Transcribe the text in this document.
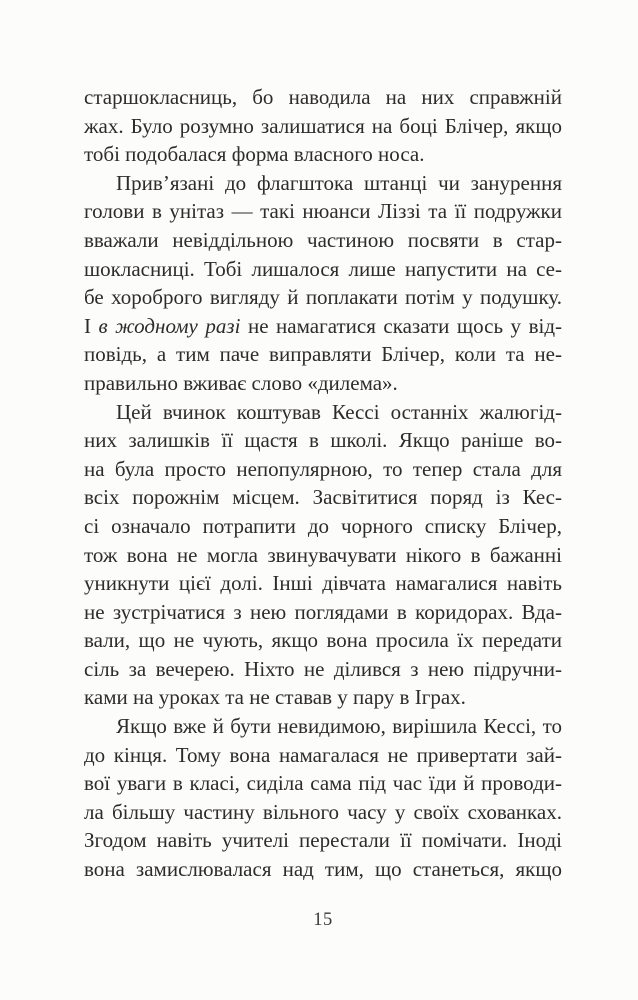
старшокласниць, бо наводила на них справжній
жах. Було розумно залишатися на боці Блічер, якщо
тобі подобалася форма власного носа.
Прив’язані до флагштока штанці чи занурення
голови в унітаз — такі нюанси Ліззі та її подружки
вважали невіддільною частиною посвяти в стар-
шокласниці. Тобі лишалося лише напустити на се-
бе хороброго вигляду й поплакати потім у подушку.
І в жодному разі не намагатися сказати щось у від-
повідь, а тим паче виправляти Блічер, коли та не-
правильно вживає слово «дилема».
Цей вчинок коштував Кессі останніх жалюгід-
них залишків її щастя в школі. Якщо раніше во-
на була просто непопулярною, то тепер стала для
всіх порожнім місцем. Засвітитися поряд із Кес-
сі означало потрапити до чорного списку Блічер,
тож вона не могла звинувачувати нікого в бажанні
уникнути цієї долі. Інші дівчата намагалися навіть
не зустрічатися з нею поглядами в коридорах. Вда-
вали, що не чують, якщо вона просила їх передати
сіль за вечерею. Ніхто не ділився з нею підручни-
ками на уроках та не ставав у пару в Іграх.
Якщо вже й бути невидимою, вирішила Кессі, то
до кінця. Тому вона намагалася не привертати зай-
вої уваги в класі, сиділа сама під час їди й проводи-
ла більшу частину вільного часу у своїх схованках.
Згодом навіть учителі перестали її помічати. Іноді
вона замислювалася над тим, що станеться, якщо
15
